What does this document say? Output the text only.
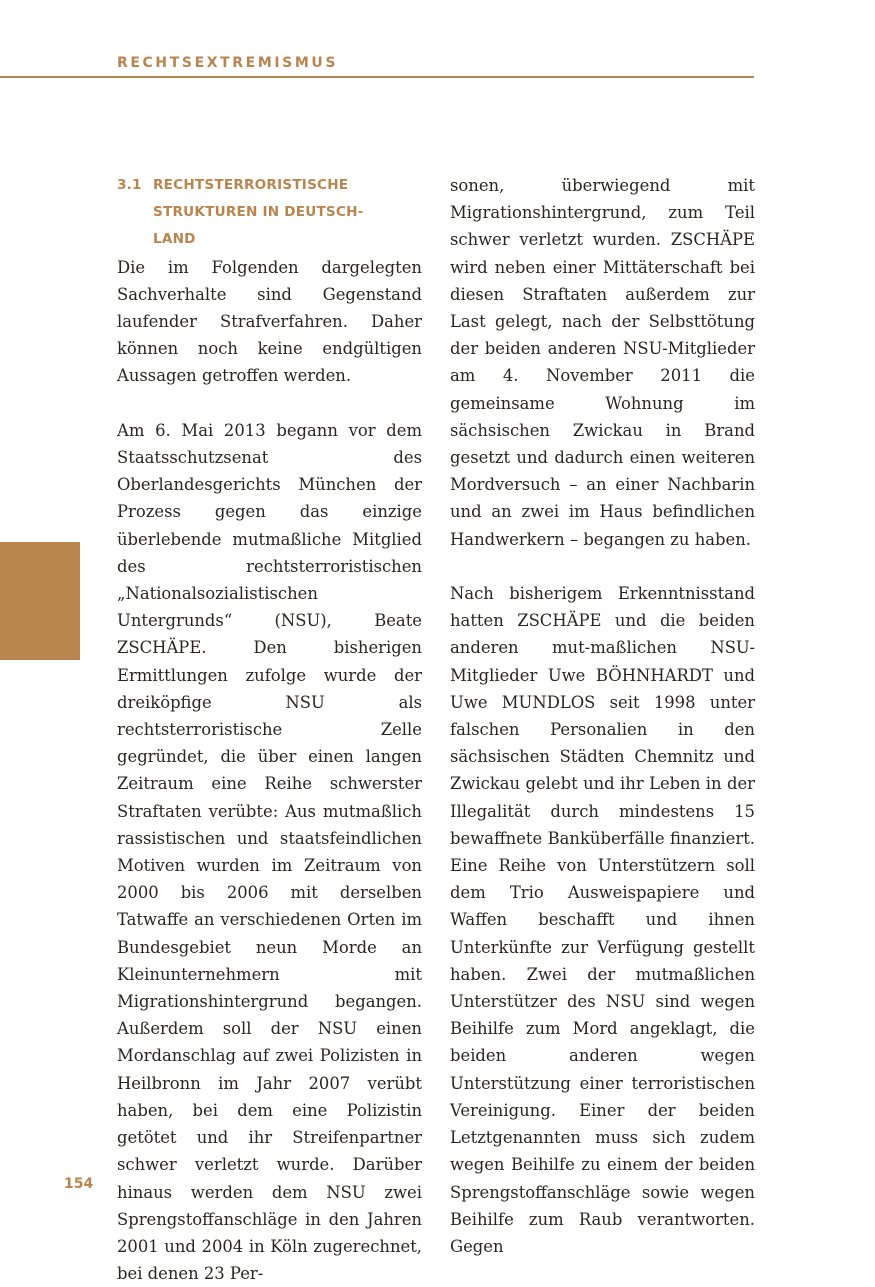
RECHTSEXTREMISMUS
3.1 RECHTSTERRORISTISCHE
STRUKTUREN IN DEUTSCH-
LAND

Die im Folgenden dargelegten Sachverhalte sind Gegenstand laufender Strafverfahren. Daher können noch keine endgültigen Aussagen getroffen werden.

Am 6. Mai 2013 begann vor dem Staatsschutzsenat des Oberlandesgerichts München der Prozess gegen das einzige überlebende mutmaßliche Mitglied des rechtsterroristischen „Nationalsozialistischen Untergrunds“ (NSU), Beate ZSCHÄPE. Den bisherigen Ermittlungen zufolge wurde der dreiköpfige NSU als rechtsterroristische Zelle gegründet, die über einen langen Zeitraum eine Reihe schwerster Straftaten verübte: Aus mutmaßlich rassistischen und staatsfeindlichen Motiven wurden im Zeitraum von 2000 bis 2006 mit derselben Tatwaffe an verschiedenen Orten im Bundesgebiet neun Morde an Kleinunternehmern mit Migrationshintergrund begangen. Außerdem soll der NSU einen Mordanschlag auf zwei Polizisten in Heilbronn im Jahr 2007 verübt haben, bei dem eine Polizistin getötet und ihr Streifenpartner schwer verletzt wurde. Darüber hinaus werden dem NSU zwei Sprengstoffanschläge in den Jahren 2001 und 2004 in Köln zugerechnet, bei denen 23 Per-

sonen, überwiegend mit Migrationshintergrund, zum Teil schwer verletzt wurden. ZSCHÄPE wird neben einer Mittäterschaft bei diesen Straftaten außerdem zur Last gelegt, nach der Selbsttötung der beiden anderen NSU-Mitglieder am 4. November 2011 die gemeinsame Wohnung im sächsischen Zwickau in Brand gesetzt und dadurch einen weiteren Mordversuch – an einer Nachbarin und an zwei im Haus befindlichen Handwerkern – begangen zu haben.

Nach bisherigem Erkenntnisstand hatten ZSCHÄPE und die beiden anderen mut-maßlichen NSU-Mitglieder Uwe BÖHNHARDT und Uwe MUNDLOS seit 1998 unter falschen Personalien in den sächsischen Städten Chemnitz und Zwickau gelebt und ihr Leben in der Illegalität durch mindestens 15 bewaffnete Banküberfälle finanziert. Eine Reihe von Unterstützern soll dem Trio Ausweispapiere und Waffen beschafft und ihnen Unterkünfte zur Verfügung gestellt haben. Zwei der mutmaßlichen Unterstützer des NSU sind wegen Beihilfe zum Mord angeklagt, die beiden anderen wegen Unterstützung einer terroristischen Vereinigung. Einer der beiden Letztgenannten muss sich zudem wegen Beihilfe zu einem der beiden Sprengstoffanschläge sowie wegen Beihilfe zum Raub verantworten. Gegen

154
